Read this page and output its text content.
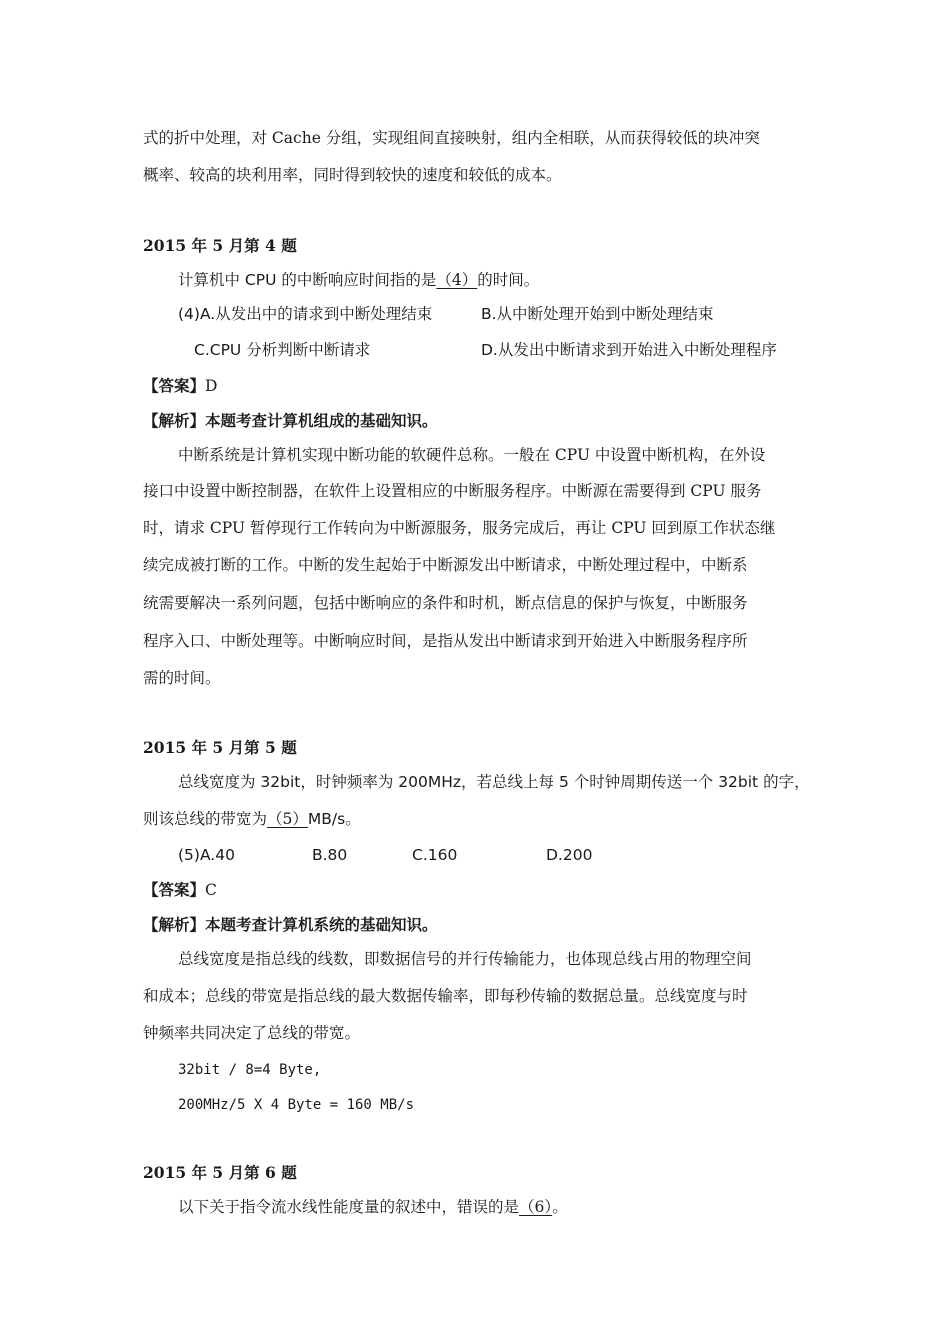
式的折中处理，对 Cache 分组，实现组间直接映射，组内全相联，从而获得较低的块冲突
概率、较高的块利用率，同时得到较快的速度和较低的成本。
2015 年 5 月第 4 题
计算机中 CPU 的中断响应时间指的是（4）的时间。
(4)A.从发出中的请求到中断处理结束	B.从中断处理开始到中断处理结束
C.CPU 分析判断中断请求	D.从发出中断请求到开始进入中断处理程序
【答案】D
【解析】本题考查计算机组成的基础知识。
中断系统是计算机实现中断功能的软硬件总称。一般在 CPU 中设置中断机构，在外设
接口中设置中断控制器，在软件上设置相应的中断服务程序。中断源在需要得到 CPU 服务
时，请求 CPU 暂停现行工作转向为中断源服务，服务完成后，再让 CPU 回到原工作状态继
续完成被打断的工作。中断的发生起始于中断源发出中断请求，中断处理过程中，中断系
统需要解决一系列问题，包括中断响应的条件和时机，断点信息的保护与恢复，中断服务
程序入口、中断处理等。中断响应时间，是指从发出中断请求到开始进入中断服务程序所
需的时间。
2015 年 5 月第 5 题
总线宽度为 32bit，时钟频率为 200MHz，若总线上每 5 个时钟周期传送一个 32bit 的字，
则该总线的带宽为（5）MB/s。
(5)A.40	B.80	C.160	D.200
【答案】C
【解析】本题考查计算机系统的基础知识。
总线宽度是指总线的线数，即数据信号的并行传输能力，也体现总线占用的物理空间
和成本；总线的带宽是指总线的最大数据传输率，即每秒传输的数据总量。总线宽度与时
钟频率共同决定了总线的带宽。
32bit / 8=4 Byte,
200MHz/5 X 4 Byte = 160 MB/s
2015 年 5 月第 6 题
以下关于指令流水线性能度量的叙述中，错误的是（6）。
